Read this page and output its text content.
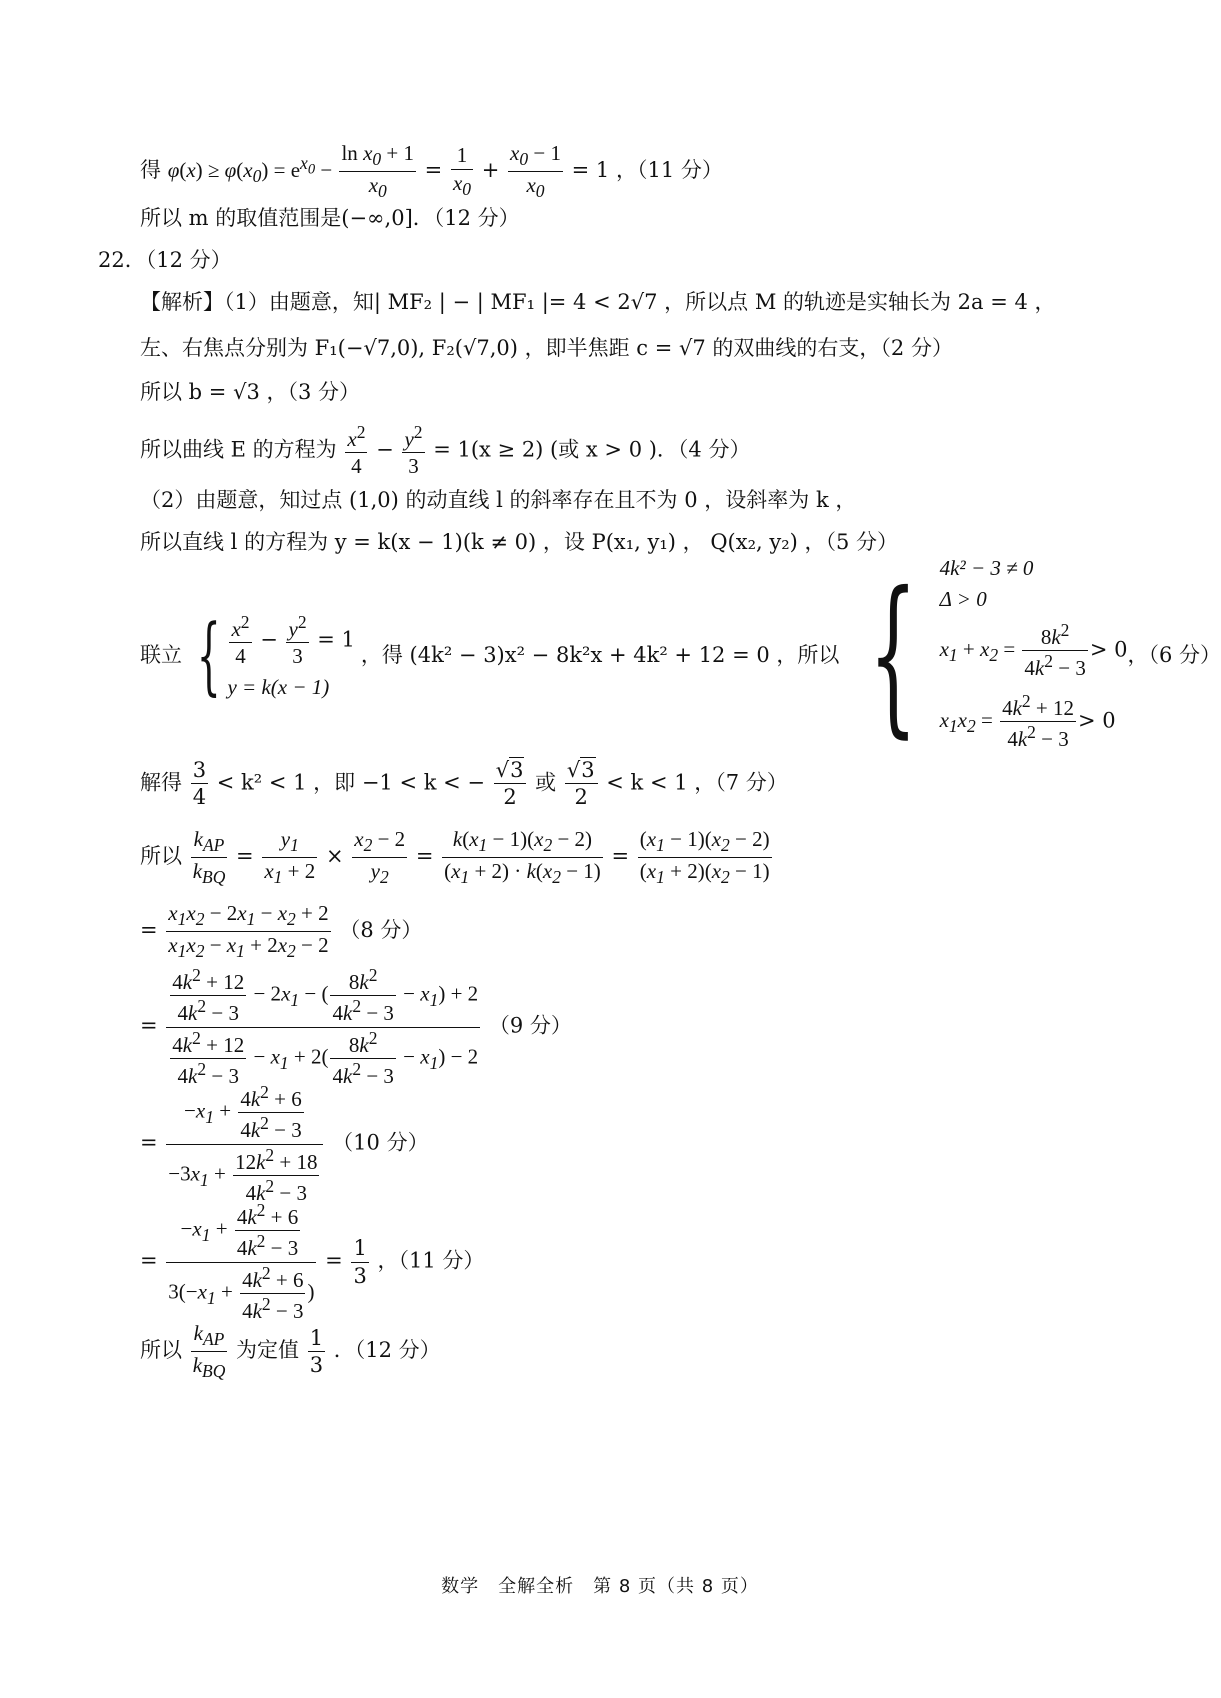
得 $\varphi(x) \ge \varphi(x_0) = e^{x_0} - \frac{\ln x_0 + 1}{x_0} = \frac{1}{x_0} + \frac{x_0 - 1}{x_0} = 1$ ，（11 分）
所以 m 的取值范围是(−∞,0]．（12 分）
22．（12 分）
【解析】（1）由题意，知| MF₂ | − | MF₁ |= 4 < 2√7 ，所以点 M 的轨迹是实轴长为 2a = 4 ，
左、右焦点分别为 F₁(−√7,0), F₂(√7,0) ，即半焦距 c = √7 的双曲线的右支，（2 分）
所以 b = √3 ，（3 分）
所以曲线 E 的方程为 $\frac{x^2}{4} - \frac{y^2}{3} = 1(x \ge 2)$ (或 x > 0 )．（4 分）
（2）由题意，知过点 (1,0) 的动直线 l 的斜率存在且不为 0 ，设斜率为 k ，
所以直线 l 的方程为 y = k(x − 1)(k ≠ 0) ，设 P(x₁, y₁) ， Q(x₂, y₂) ，（5 分）
联立 { $\frac{x^2}{4} - \frac{y^2}{3} = 1$
y = k(x − 1)
，得 (4k² − 3)x² − 8k²x + 4k² + 12 = 0 ，所以 { 4k² − 3 ≠ 0
Δ > 0
$x_1 + x_2 = \frac{8k^2}{4k^2 - 3} > 0$
$x_1x_2 = \frac{4k^2 + 12}{4k^2 - 3} > 0$
，（6 分）
解得 $\frac{3}{4} < k^2 < 1$ ，即 −1 < k < − $\frac{√3}{2}$ 或 $\frac{√3}{2} < k < 1$ ，（7 分）
所以 $\frac{k_{AP}}{k_{BQ}} = \frac{y_1}{x_1 + 2} \times \frac{x_2 - 2}{y_2} = \frac{k(x_1 - 1)(x_2 - 2)}{(x_1 + 2) \cdot k(x_2 - 1)} = \frac{(x_1 - 1)(x_2 - 2)}{(x_1 + 2)(x_2 - 1)}$
= $\frac{x_1x_2 - 2x_1 - x_2 + 2}{x_1x_2 - x_1 + 2x_2 - 2} (8$ 分）
= $\frac{\frac{4k^2 + 12}{4k^2 - 3} - 2x_1 - ( \frac{8k^2}{4k^2 - 3} - x_1) + 2}{\frac{4k^2 + 12}{4k^2 - 3} - x_1 + 2( \frac{8k^2}{4k^2 - 3} - x_1) - 2} (9$ 分）
= $\frac{-x_1 + \frac{4k^2 + 6}{4k^2 - 3}}{-3x_1 + \frac{12k^2 + 18}{4k^2 - 3}} (10$ 分）
= $\frac{-x_1 + \frac{4k^2 + 6}{4k^2 - 3}}{3(-x_1 + \frac{4k^2 + 6}{4k^2 - 3} )} = \frac{1}{3}$ ，（11 分）
所以 $\frac{k_{AP}}{k_{BQ}}$ 为定值 $\frac{1}{3}$ ．（12 分）
数学　全解全析　第 8 页（共 8 页）
